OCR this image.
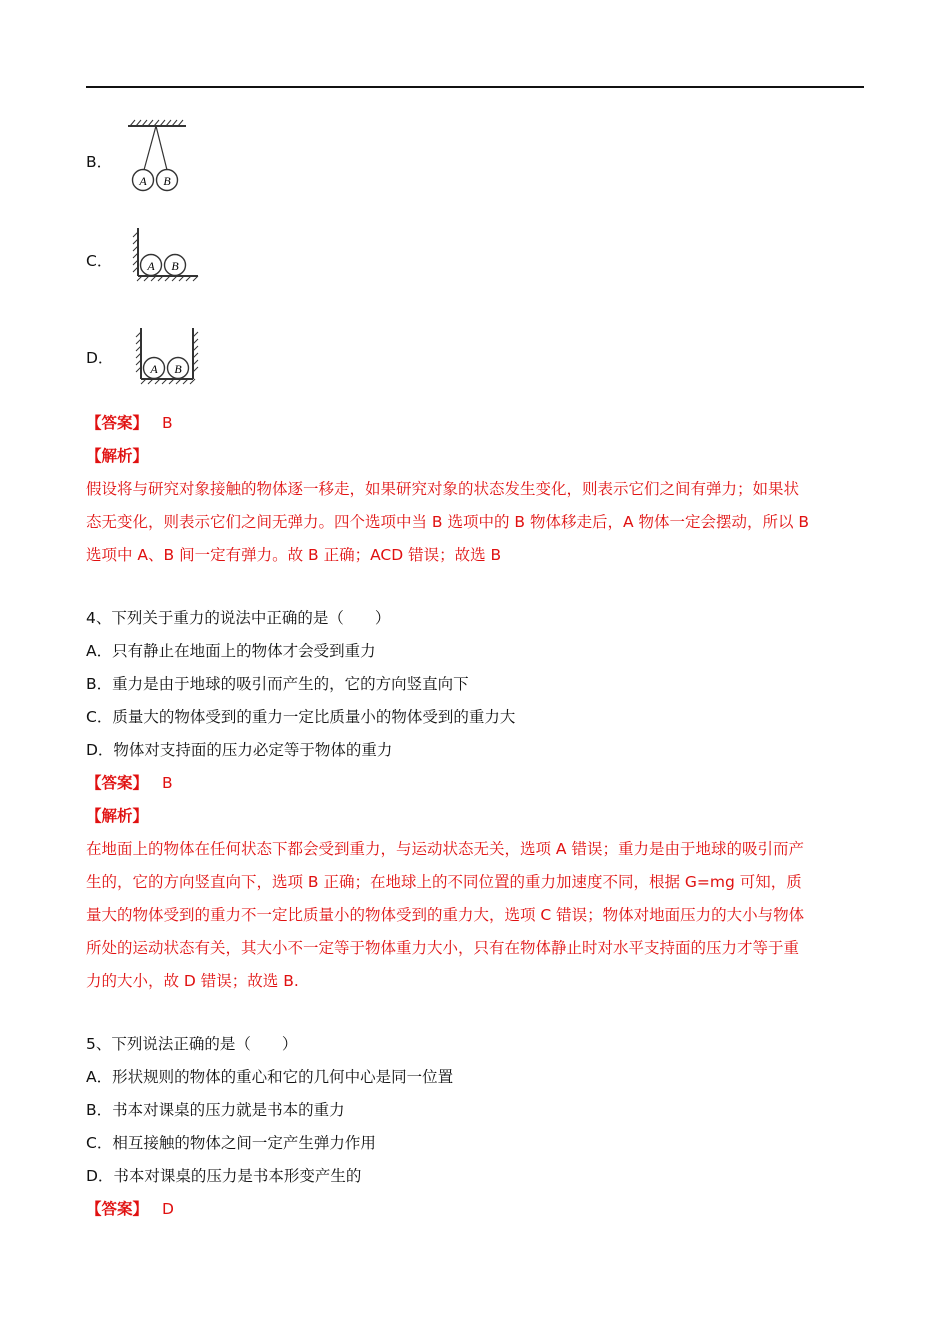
B．
A B
C．	A B
D．
A B
【答案】 B
【解析】
假设将与研究对象接触的物体逐一移走，如果研究对象的状态发生变化，则表示它们之间有弹力；如果状
态无变化，则表示它们之间无弹力。四个选项中当 B 选项中的 B 物体移走后，A 物体一定会摆动，所以 B
选项中 A、B 间一定有弹力。故 B 正确；ACD 错误；故选 B
4、下列关于重力的说法中正确的是（　　）
A．只有静止在地面上的物体才会受到重力
B．重力是由于地球的吸引而产生的，它的方向竖直向下
C．质量大的物体受到的重力一定比质量小的物体受到的重力大
D．物体对支持面的压力必定等于物体的重力
【答案】 B
【解析】
在地面上的物体在任何状态下都会受到重力，与运动状态无关，选项 A 错误；重力是由于地球的吸引而产
生的，它的方向竖直向下，选项 B 正确；在地球上的不同位置的重力加速度不同，根据 G=mg 可知，质
量大的物体受到的重力不一定比质量小的物体受到的重力大，选项 C 错误；物体对地面压力的大小与物体
所处的运动状态有关，其大小不一定等于物体重力大小，只有在物体静止时对水平支持面的压力才等于重
力的大小，故 D 错误；故选 B.
5、下列说法正确的是（　　）
A．形状规则的物体的重心和它的几何中心是同一位置
B．书本对课桌的压力就是书本的重力
C．相互接触的物体之间一定产生弹力作用
D．书本对课桌的压力是书本形变产生的
【答案】 D
